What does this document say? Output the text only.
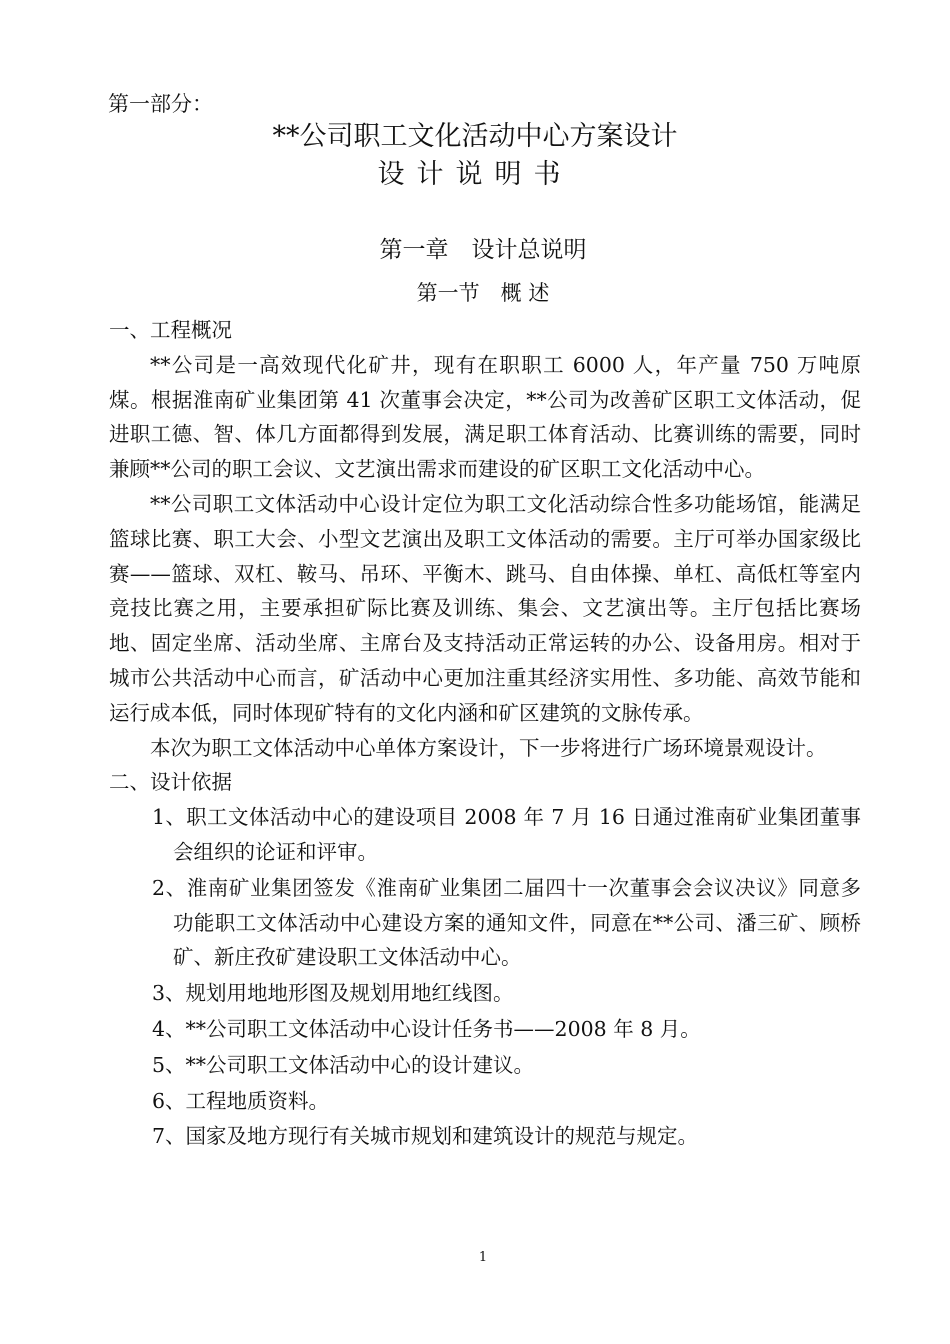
第一部分：
**公司职工文化活动中心方案设计
设计说明书
第一章　设计总说明
第一节　概 述

一、工程概况

**公司是一高效现代化矿井，现有在职职工 6000 人，年产量 750 万吨原煤。根据淮南矿业集团第 41 次董事会决定，**公司为改善矿区职工文体活动，促进职工德、智、体几方面都得到发展，满足职工体育活动、比赛训练的需要，同时兼顾**公司的职工会议、文艺演出需求而建设的矿区职工文化活动中心。

**公司职工文体活动中心设计定位为职工文化活动综合性多功能场馆，能满足篮球比赛、职工大会、小型文艺演出及职工文体活动的需要。主厅可举办国家级比赛——篮球、双杠、鞍马、吊环、平衡木、跳马、自由体操、单杠、高低杠等室内竞技比赛之用，主要承担矿际比赛及训练、集会、文艺演出等。主厅包括比赛场地、固定坐席、活动坐席、主席台及支持活动正常运转的办公、设备用房。相对于城市公共活动中心而言，矿活动中心更加注重其经济实用性、多功能、高效节能和运行成本低，同时体现矿特有的文化内涵和矿区建筑的文脉传承。

本次为职工文体活动中心单体方案设计，下一步将进行广场环境景观设计。

二、设计依据

1、职工文体活动中心的建设项目 2008 年 7 月 16 日通过淮南矿业集团董事会组织的论证和评审。
2、淮南矿业集团签发《淮南矿业集团二届四十一次董事会会议决议》同意多功能职工文体活动中心建设方案的通知文件，同意在**公司、潘三矿、顾桥矿、新庄孜矿建设职工文体活动中心。
3、规划用地地形图及规划用地红线图。
4、**公司职工文体活动中心设计任务书——2008 年 8 月。
5、**公司职工文体活动中心的设计建议。
6、工程地质资料。
7、国家及地方现行有关城市规划和建筑设计的规范与规定。
1
